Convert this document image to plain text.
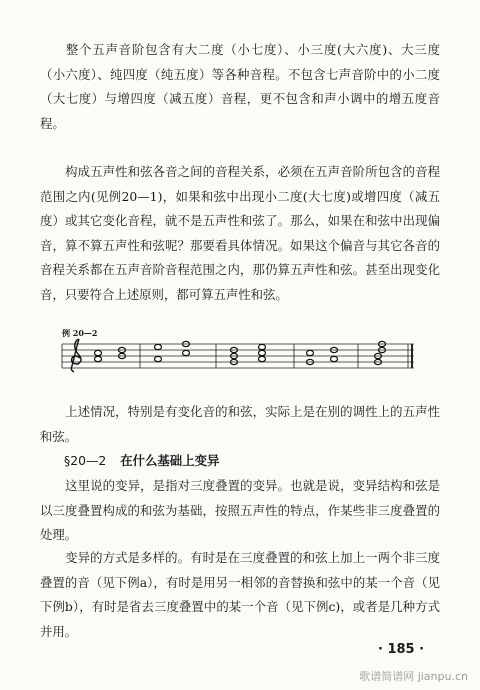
整个五声音阶包含有大二度（小七度）、小三度(大六度)、大三度（小六度）、纯四度（纯五度）等各种音程。不包含七声音阶中的小二度（大七度）与增四度（减五度）音程，更不包含和声小调中的增五度音程。

构成五声性和弦各音之间的音程关系，必须在五声音阶所包含的音程范围之内(见例20—1)，如果和弦中出现小二度(大七度)或增四度（减五度）或其它变化音程，就不是五声性和弦了。那么，如果在和弦中出现偏音，算不算五声性和弦呢？那要看具体情况。如果这个偏音与其它各音的音程关系都在五声音阶音程范围之内，那仍算五声性和弦。甚至出现变化音，只要符合上述原则，都可算五声性和弦。

例 20—2

上述情况，特别是有变化音的和弦，实际上是在别的调性上的五声性和弦。

§20—2 在什么基础上变异

这里说的变异，是指对三度叠置的变异。也就是说，变异结构和弦是以三度叠置构成的和弦为基础，按照五声性的特点，作某些非三度叠置的处理。

变异的方式是多样的。有时是在三度叠置的和弦上加上一两个非三度叠置的音（见下例a），有时是用另一相邻的音替换和弦中的某一个音（见下例b），有时是省去三度叠置中的某一个音（见下例c)，或者是几种方式并用。

· 185 ·
歌谱简谱网 jianpu.cn
